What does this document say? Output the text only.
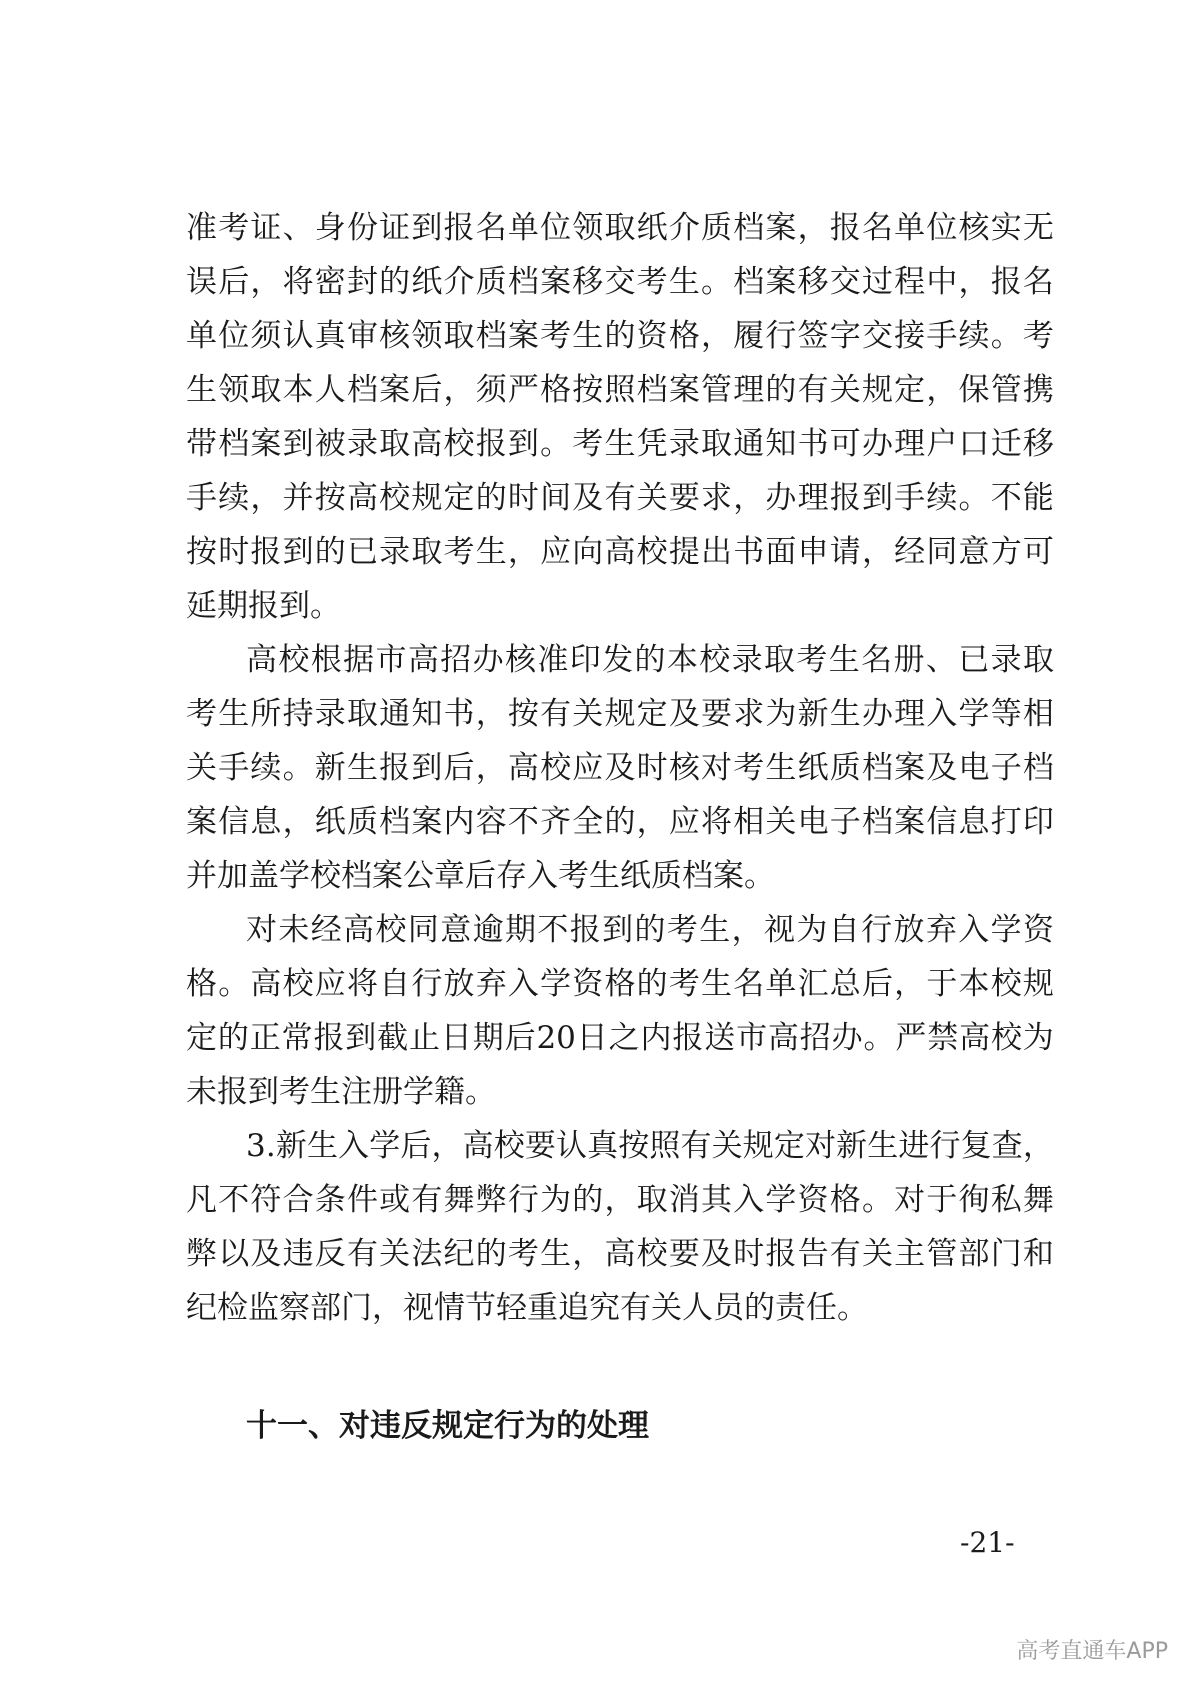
准 考 证 、 身 份 证 到 报 名 单 位 领 取 纸 介 质 档 案 ， 报 名 单 位 核 实 无
误 后 ， 将 密 封 的 纸 介 质 档 案 移 交 考 生 。 档 案 移 交 过 程 中 ， 报 名
单 位 须 认 真 审 核 领 取 档 案 考 生 的 资 格 ， 履 行 签 字 交 接 手 续 。 考
生 领 取 本 人 档 案 后 ， 须 严 格 按 照 档 案 管 理 的 有 关 规 定 ， 保 管 携
带 档 案 到 被 录 取 高 校 报 到 。 考 生 凭 录 取 通 知 书 可 办 理 户 口 迁 移
手 续 ， 并 按 高 校 规 定 的 时 间 及 有 关 要 求 ， 办 理 报 到 手 续 。 不 能
按 时 报 到 的 已 录 取 考 生 ， 应 向 高 校 提 出 书 面 申 请 ， 经 同 意 方 可
延期报到。
高 校 根 据 市 高 招 办 核 准 印 发 的 本 校 录 取 考 生 名 册 、 已 录 取
考 生 所 持 录 取 通 知 书 ， 按 有 关 规 定 及 要 求 为 新 生 办 理 入 学 等 相
关 手 续 。 新 生 报 到 后 ， 高 校 应 及 时 核 对 考 生 纸 质 档 案 及 电 子 档
案 信 息 ， 纸 质 档 案 内 容 不 齐 全 的 ， 应 将 相 关 电 子 档 案 信 息 打 印
并加盖学校档案公章后存入考生纸质档案。
对 未 经 高 校 同 意 逾 期 不 报 到 的 考 生 ， 视 为 自 行 放 弃 入 学 资
格 。 高 校 应 将 自 行 放 弃 入 学 资 格 的 考 生 名 单 汇 总 后 ， 于 本 校 规
定 的 正 常 报 到 截 止 日 期 后 20 日 之 内 报 送 市 高 招 办 。 严 禁 高 校 为
未报到考生注册学籍。
3 . 新 生 入 学 后 ， 高 校 要 认 真 按 照 有 关 规 定 对 新 生 进 行 复 查 ，
凡 不 符 合 条 件 或 有 舞 弊 行 为 的 ， 取 消 其 入 学 资 格 。 对 于 徇 私 舞
弊 以 及 违 反 有 关 法 纪 的 考 生 ， 高 校 要 及 时 报 告 有 关 主 管 部 门 和
纪检监察部门，视情节轻重追究有关人员的责任。
十一、对违反规定行为的处理
-21-
高考直通车APP
